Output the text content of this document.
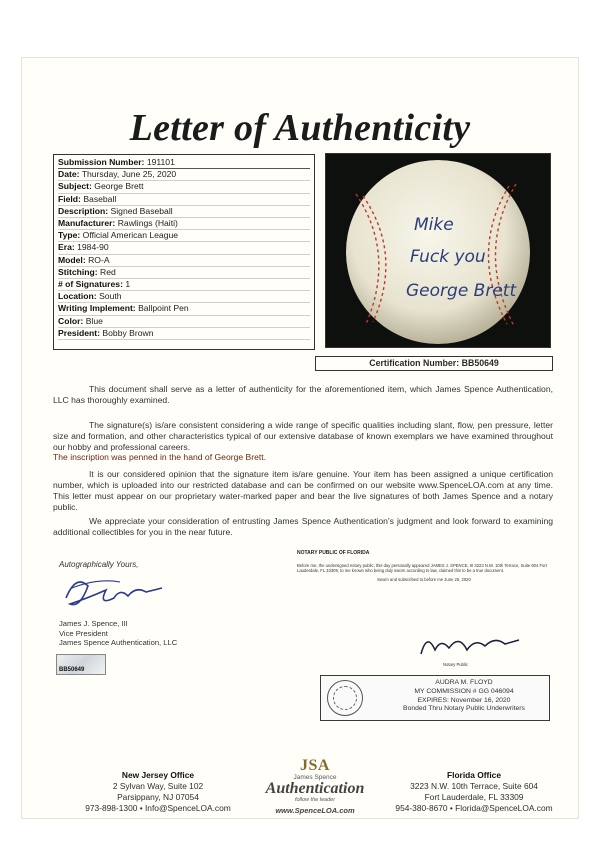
Letter of Authenticity
Submission Number: 191101
Date: Thursday, June 25, 2020
Subject: George Brett
Field: Baseball
Description: Signed Baseball
Manufacturer: Rawlings (Haiti)
Type: Official American League
Era: 1984-90
Model: RO-A
Stitching: Red
# of Signatures: 1
Location: South
Writing Implement: Ballpoint Pen
Color: Blue
President: Bobby Brown
Mike
Fuck you
George Brett
Certification Number: BB50649
This document shall serve as a letter of authenticity for the aforementioned item, which James Spence Authentication, LLC has thoroughly examined.
The signature(s) is/are consistent considering a wide range of specific qualities including slant, flow, pen pressure, letter size and formation, and other characteristics typical of our extensive database of known exemplars we have examined throughout our hobby and professional careers.
The inscription was penned in the hand of George Brett.
It is our considered opinion that the signature item is/are genuine. Your item has been assigned a unique certification number, which is uploaded into our restricted database and can be confirmed on our website www.SpenceLOA.com at any time. This letter must appear on our proprietary water-marked paper and bear the live signatures of both James Spence and a notary public.
We appreciate your consideration of entrusting James Spence Authentication's judgment and look forward to examining additional collectibles for you in the near future.
Autographically Yours,
James J. Spence, III
Vice President
James Spence Authentication, LLC
BB50649
NOTARY PUBLIC OF FLORIDA
Before me, the undersigned notary public, this day personally appeared JAMES J. SPENCE, III 3223 N.W. 10th Terrace, Suite 604 Fort Lauderdale, FL 33309, to me known who being duly sworn according to law, claimed this to be a true document.
Sworn and subscribed to before me June 25, 2020
Notary Public
AUDRA M. FLOYD
MY COMMISSION # GG 046094
EXPIRES: November 16, 2020
Bonded Thru Notary Public Underwriters
New Jersey Office
2 Sylvan Way, Suite 102
Parsippany, NJ 07054
973-898-1300 • Info@SpenceLOA.com
JSA
James Spence
Authentication
follow the leader
www.SpenceLOA.com
Florida Office
3223 N.W. 10th Terrace, Suite 604
Fort Lauderdale, FL 33309
954-380-8670 • Florida@SpenceLOA.com
